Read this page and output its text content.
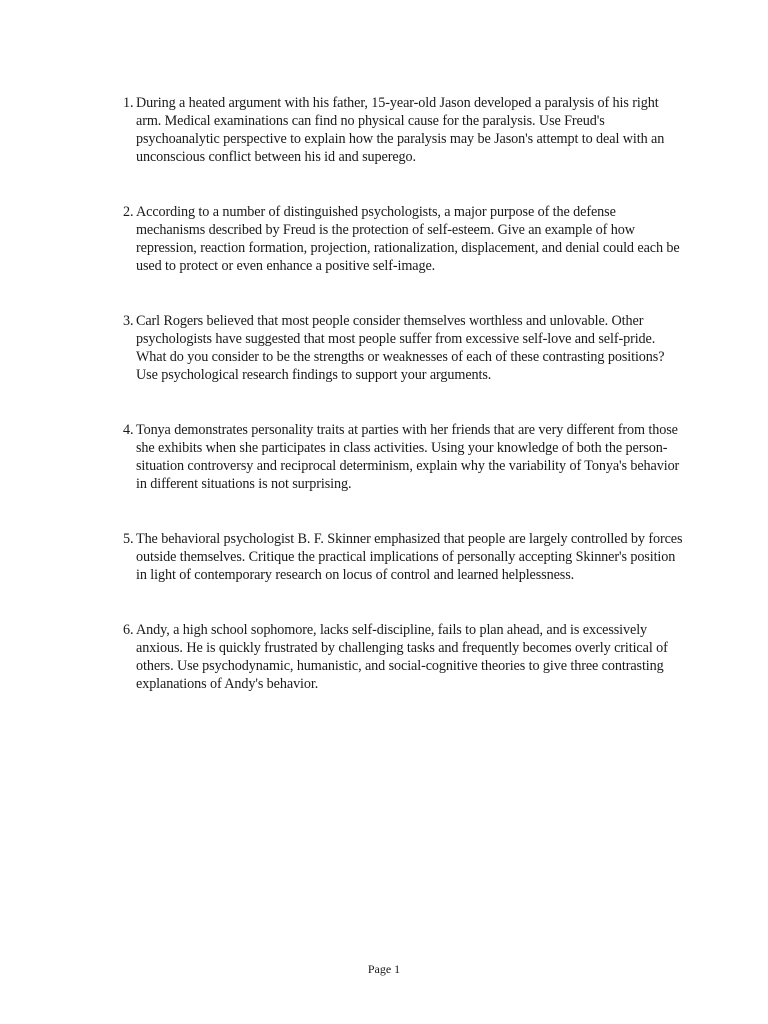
1. During a heated argument with his father, 15-year-old Jason developed a paralysis of his right arm. Medical examinations can find no physical cause for the paralysis. Use Freud's psychoanalytic perspective to explain how the paralysis may be Jason's attempt to deal with an unconscious conflict between his id and superego.
2. According to a number of distinguished psychologists, a major purpose of the defense mechanisms described by Freud is the protection of self-esteem. Give an example of how repression, reaction formation, projection, rationalization, displacement, and denial could each be used to protect or even enhance a positive self-image.
3. Carl Rogers believed that most people consider themselves worthless and unlovable. Other psychologists have suggested that most people suffer from excessive self-love and self-pride. What do you consider to be the strengths or weaknesses of each of these contrasting positions? Use psychological research findings to support your arguments.
4. Tonya demonstrates personality traits at parties with her friends that are very different from those she exhibits when she participates in class activities. Using your knowledge of both the person-situation controversy and reciprocal determinism, explain why the variability of Tonya's behavior in different situations is not surprising.
5. The behavioral psychologist B. F. Skinner emphasized that people are largely controlled by forces outside themselves. Critique the practical implications of personally accepting Skinner's position in light of contemporary research on locus of control and learned helplessness.
6. Andy, a high school sophomore, lacks self-discipline, fails to plan ahead, and is excessively anxious. He is quickly frustrated by challenging tasks and frequently becomes overly critical of others. Use psychodynamic, humanistic, and social-cognitive theories to give three contrasting explanations of Andy's behavior.
Page 1
